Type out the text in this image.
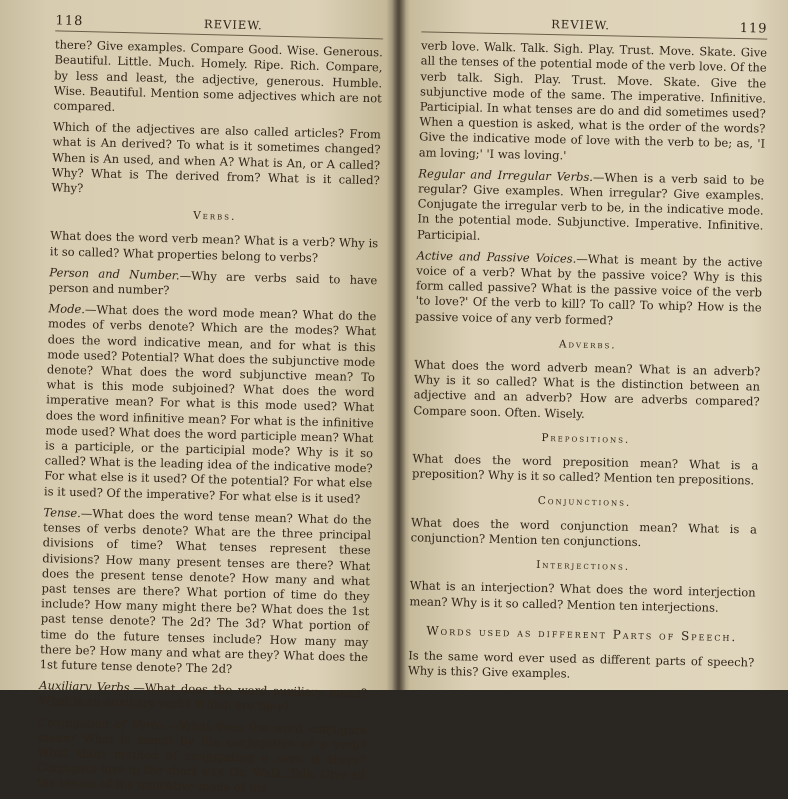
118	REVIEW.

there? Give examples. Compare Good. Wise. Generous. Beautiful. Little. Much. Homely. Ripe. Rich. Compare, by less and least, the adjective, generous. Humble. Wise. Beautiful. Mention some adjectives which are not compared.

Which of the adjectives are also called articles? From what is An derived? To what is it sometimes changed? When is An used, and when A? What is An, or A called? Why? What is The derived from? What is it called? Why?

Verbs.

What does the word verb mean? What is a verb? Why is it so called? What properties belong to verbs?

Person and Number.—Why are verbs said to have person and number?

Mode.—What does the word mode mean? What do the modes of verbs denote? Which are the modes? What does the word indicative mean, and for what is this mode used? Potential? What does the subjunctive mode denote? What does the word subjunctive mean? To what is this mode subjoined? What does the word imperative mean? For what is this mode used? What does the word infinitive mean? For what is the infinitive mode used? What does the word participle mean? What is a participle, or the participial mode? Why is it so called? What is the leading idea of the indicative mode? For what else is it used? Of the potential? For what else is it used? Of the imperative? For what else is it used?

Tense.—What does the word tense mean? What do the tenses of verbs denote? What are the three principal divisions of time? What tenses represent these divisions? How many present tenses are there? What does the present tense denote? How many and what past tenses are there? What portion of time do they include? How many might there be? What does the 1st past tense denote? The 2d? The 3d? What portion of time do the future tenses include? How many may there be? How many and what are they? What does the 1st future tense denote? The 2d?

Auxiliary Verbs.—What does the word auxiliary mean? What is an auxiliary verb? Which are they?

Conjugation of Verbs.—What does the word conjugate mean? What is meant by the conjugation of a verb? What short method of conjugating a verb is there? Conjugate love in the short way. Go. Walk. Talk. Give all the tenses of the indicative mode of the

REVIEW.	119

verb love. Walk. Talk. Sigh. Play. Trust. Move. Skate. Give all the tenses of the potential mode of the verb love. Of the verb talk. Sigh. Play. Trust. Move. Skate. Give the subjunctive mode of the same. The imperative. Infinitive. Participial. In what tenses are do and did sometimes used? When a question is asked, what is the order of the words? Give the indicative mode of love with the verb to be; as, 'I am loving;' 'I was loving.'

Regular and Irregular Verbs.—When is a verb said to be regular? Give examples. When irregular? Give examples. Conjugate the irregular verb to be, in the indicative mode. In the potential mode. Subjunctive. Imperative. Infinitive. Participial.

Active and Passive Voices.—What is meant by the active voice of a verb? What by the passive voice? Why is this form called passive? What is the passive voice of the verb 'to love?' Of the verb to kill? To call? To whip? How is the passive voice of any verb formed?

Adverbs.

What does the word adverb mean? What is an adverb? Why is it so called? What is the distinction between an adjective and an adverb? How are adverbs compared? Compare soon. Often. Wisely.

Prepositions.

What does the word preposition mean? What is a preposition? Why is it so called? Mention ten prepositions.

Conjunctions.

What does the word conjunction mean? What is a conjunction? Mention ten conjunctions.

Interjections.

What is an interjection? What does the word interjection mean? Why is it so called? Mention ten interjections.

Words used as different Parts of Speech.

Is the same word ever used as different parts of speech? Why is this? Give examples.
